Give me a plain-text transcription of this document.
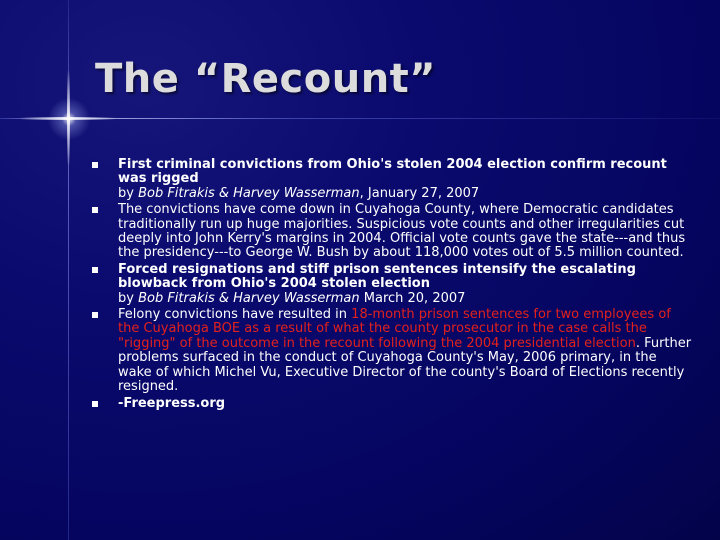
The “Recount”
First criminal convictions from Ohio's stolen 2004 election confirm recount was rigged
by Bob Fitrakis & Harvey Wasserman, January 27, 2007
The convictions have come down in Cuyahoga County, where Democratic candidates traditionally run up huge majorities. Suspicious vote counts and other irregularities cut deeply into John Kerry's margins in 2004. Official vote counts gave the state---and thus the presidency---to George W. Bush by about 118,000 votes out of 5.5 million counted.
Forced resignations and stiff prison sentences intensify the escalating blowback from Ohio's 2004 stolen election
by Bob Fitrakis & Harvey Wasserman March 20, 2007
Felony convictions have resulted in 18-month prison sentences for two employees of the Cuyahoga BOE as a result of what the county prosecutor in the case calls the "rigging" of the outcome in the recount following the 2004 presidential election. Further problems surfaced in the conduct of Cuyahoga County's May, 2006 primary, in the wake of which Michel Vu, Executive Director of the county's Board of Elections recently resigned.
-Freepress.org
